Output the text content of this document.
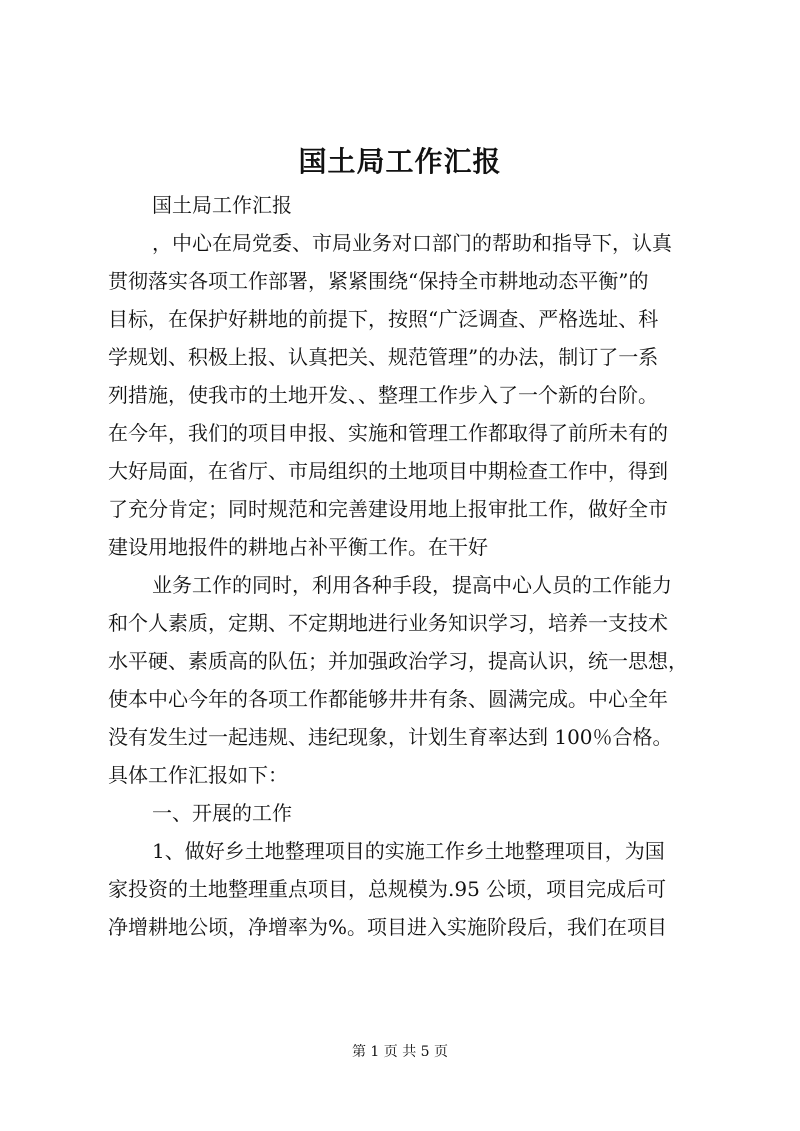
国土局工作汇报
国土局工作汇报
，中心在局党委、市局业务对口部门的帮助和指导下，认真
贯彻落实各项工作部署，紧紧围绕“保持全市耕地动态平衡”的
目标，在保护好耕地的前提下，按照“广泛调查、严格选址、科
学规划、积极上报、认真把关、规范管理”的办法，制订了一系
列措施，使我市的土地开发、、整理工作步入了一个新的台阶。
在今年，我们的项目申报、实施和管理工作都取得了前所未有的
大好局面，在省厅、市局组织的土地项目中期检查工作中，得到
了充分肯定；同时规范和完善建设用地上报审批工作，做好全市
建设用地报件的耕地占补平衡工作。在干好
业务工作的同时，利用各种手段，提高中心人员的工作能力
和个人素质，定期、不定期地进行业务知识学习，培养一支技术
水平硬、素质高的队伍；并加强政治学习，提高认识，统一思想，
使本中心今年的各项工作都能够井井有条、圆满完成。中心全年
没有发生过一起违规、违纪现象，计划生育率达到 100％合格。
具体工作汇报如下：
一、开展的工作
1、做好乡土地整理项目的实施工作乡土地整理项目，为国
家投资的土地整理重点项目，总规模为.95 公顷，项目完成后可
净增耕地公顷，净增率为%。项目进入实施阶段后，我们在项目
第 1 页 共 5 页
